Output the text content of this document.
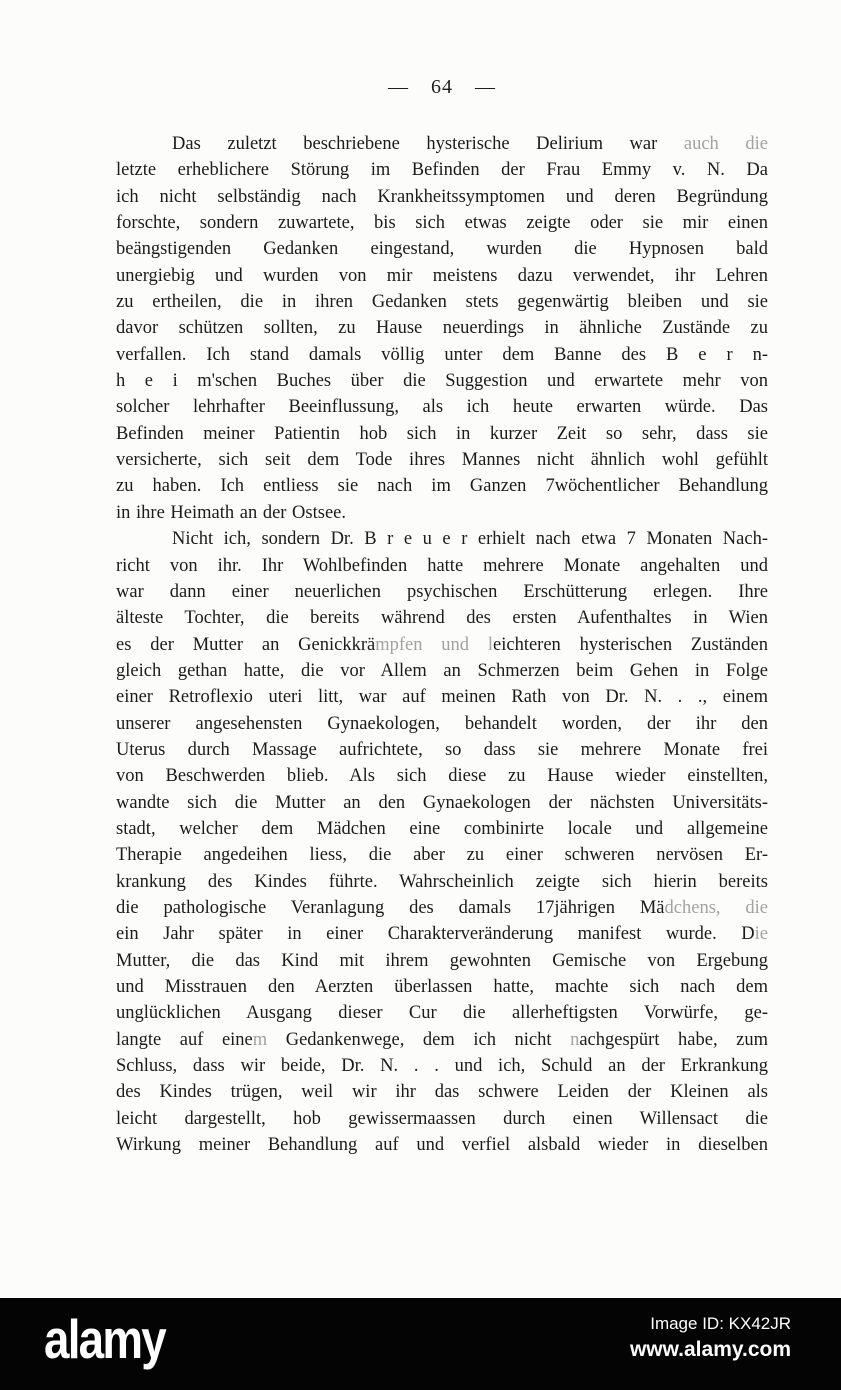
— 64 —
Das zuletzt beschriebene hysterische Delirium war auch die
letzte erheblichere Störung im Befinden der Frau Emmy v. N. Da
ich nicht selbständig nach Krankheitssymptomen und deren Begründung
forschte, sondern zuwartete, bis sich etwas zeigte oder sie mir einen
beängstigenden Gedanken eingestand, wurden die Hypnosen bald
unergiebig und wurden von mir meistens dazu verwendet, ihr Lehren
zu ertheilen, die in ihren Gedanken stets gegenwärtig bleiben und sie
davor schützen sollten, zu Hause neuerdings in ähnliche Zustände zu
verfallen. Ich stand damals völlig unter dem Banne des B e r n-
h e i m'schen Buches über die Suggestion und erwartete mehr von
solcher lehrhafter Beeinflussung, als ich heute erwarten würde. Das
Befinden meiner Patientin hob sich in kurzer Zeit so sehr, dass sie
versicherte, sich seit dem Tode ihres Mannes nicht ähnlich wohl gefühlt
zu haben. Ich entliess sie nach im Ganzen 7wöchentlicher Behandlung
in ihre Heimath an der Ostsee.
Nicht ich, sondern Dr. B r e u e r erhielt nach etwa 7 Monaten Nach-
richt von ihr. Ihr Wohlbefinden hatte mehrere Monate angehalten und
war dann einer neuerlichen psychischen Erschütterung erlegen. Ihre
älteste Tochter, die bereits während des ersten Aufenthaltes in Wien
es der Mutter an Genickkrämpfen und leichteren hysterischen Zuständen
gleich gethan hatte, die vor Allem an Schmerzen beim Gehen in Folge
einer Retroflexio uteri litt, war auf meinen Rath von Dr. N. . ., einem
unserer angesehensten Gynaekologen, behandelt worden, der ihr den
Uterus durch Massage aufrichtete, so dass sie mehrere Monate frei
von Beschwerden blieb. Als sich diese zu Hause wieder einstellten,
wandte sich die Mutter an den Gynaekologen der nächsten Universitäts-
stadt, welcher dem Mädchen eine combinirte locale und allgemeine
Therapie angedeihen liess, die aber zu einer schweren nervösen Er-
krankung des Kindes führte. Wahrscheinlich zeigte sich hierin bereits
die pathologische Veranlagung des damals 17jährigen Mädchens, die
ein Jahr später in einer Charakterveränderung manifest wurde. Die
Mutter, die das Kind mit ihrem gewohnten Gemische von Ergebung
und Misstrauen den Aerzten überlassen hatte, machte sich nach dem
unglücklichen Ausgang dieser Cur die allerheftigsten Vorwürfe, ge-
langte auf einem Gedankenwege, dem ich nicht nachgespürt habe, zum
Schluss, dass wir beide, Dr. N. . . und ich, Schuld an der Erkrankung
des Kindes trügen, weil wir ihr das schwere Leiden der Kleinen als
leicht dargestellt, hob gewissermaassen durch einen Willensact die
Wirkung meiner Behandlung auf und verfiel alsbald wieder in dieselben
alamy	Image ID: KX42JR
www.alamy.com
